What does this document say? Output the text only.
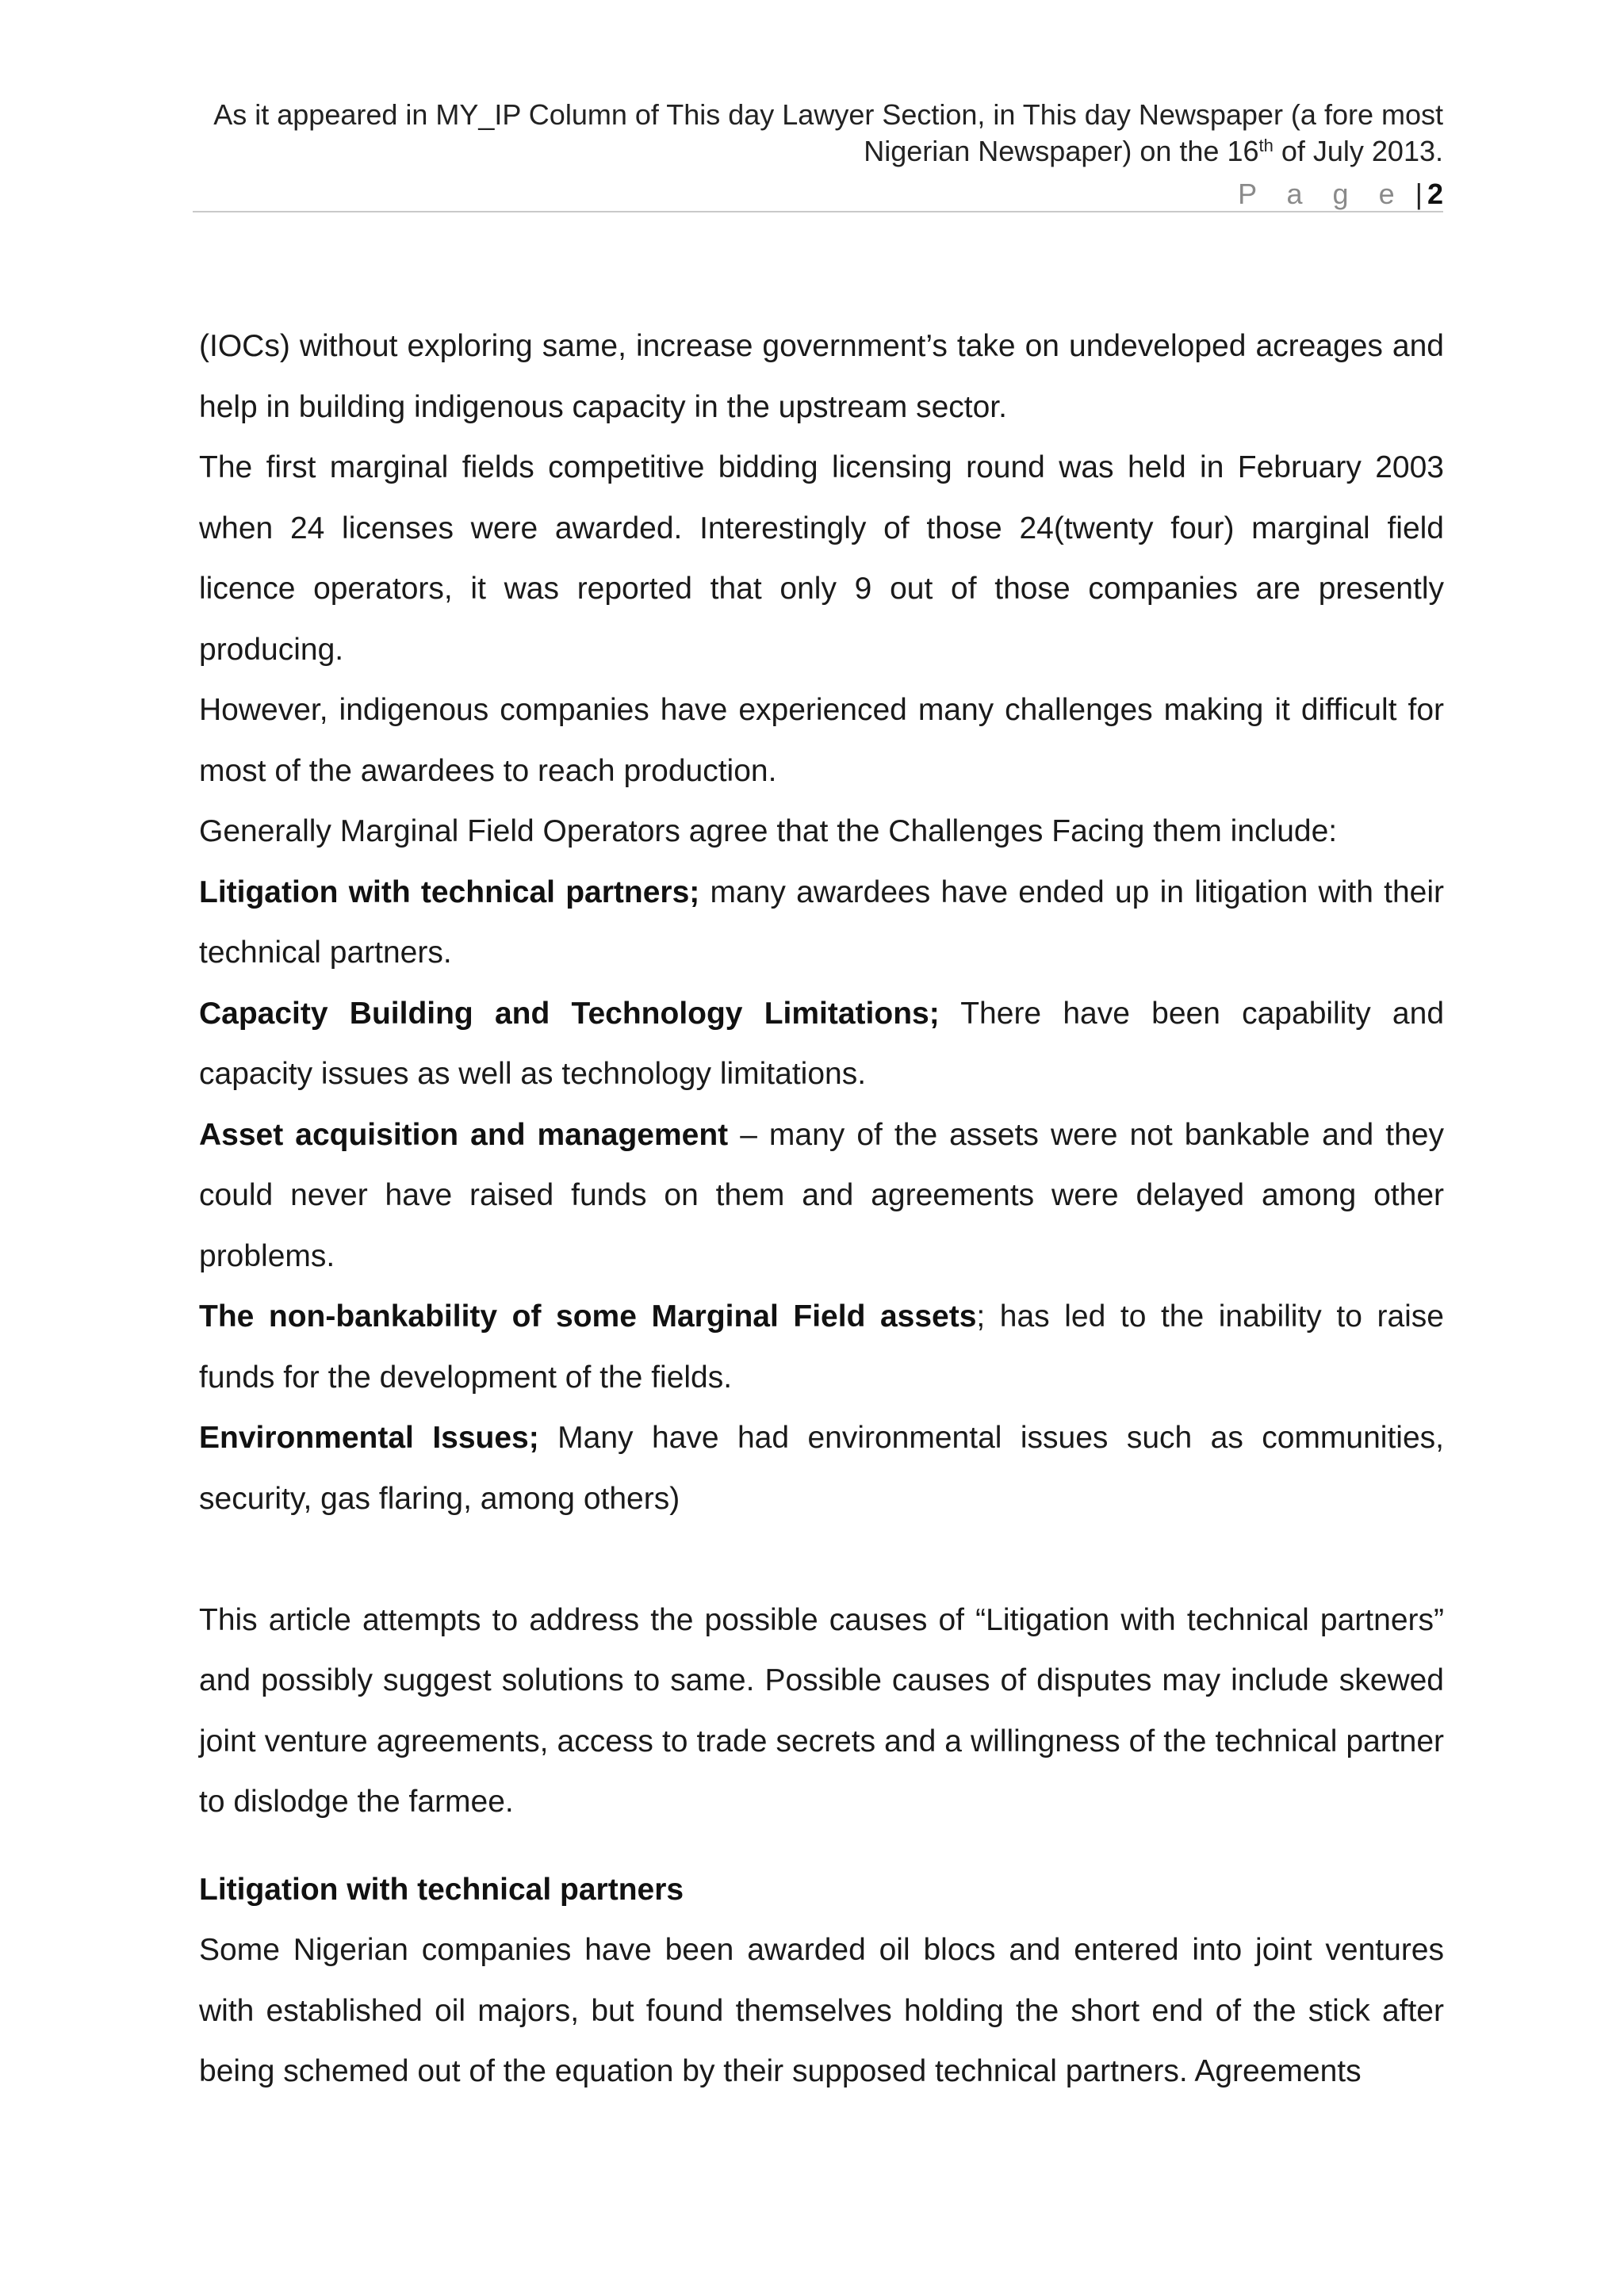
As it appeared in MY_IP Column of This day Lawyer Section, in This day Newspaper (a fore most
Nigerian Newspaper) on the 16th of July 2013.
P a g e | 2

(IOCs) without exploring same, increase government’s take on undeveloped acreages and help in building indigenous capacity in the upstream sector.

The first marginal fields competitive bidding licensing round was held in February 2003 when 24 licenses were awarded. Interestingly of those 24(twenty four) marginal field licence operators, it was reported that only 9 out of those companies are presently producing.

However, indigenous companies have experienced many challenges making it difficult for most of the awardees to reach production.

Generally Marginal Field Operators agree that the Challenges Facing them include:

Litigation with technical partners; many awardees have ended up in litigation with their technical partners.

Capacity Building and Technology Limitations; There have been capability and capacity issues as well as technology limitations.

Asset acquisition and management – many of the assets were not bankable and they could never have raised funds on them and agreements were delayed among other problems.

The non-bankability of some Marginal Field assets; has led to the inability to raise funds for the development of the fields.

Environmental Issues; Many have had environmental issues such as communities, security, gas flaring, among others)

This article attempts to address the possible causes of “Litigation with technical partners” and possibly suggest solutions to same. Possible causes of disputes may include skewed joint venture agreements, access to trade secrets and a willingness of the technical partner to dislodge the farmee.

Litigation with technical partners

Some Nigerian companies have been awarded oil blocs and entered into joint ventures with established oil majors, but found themselves holding the short end of the stick after being schemed out of the equation by their supposed technical partners. Agreements
